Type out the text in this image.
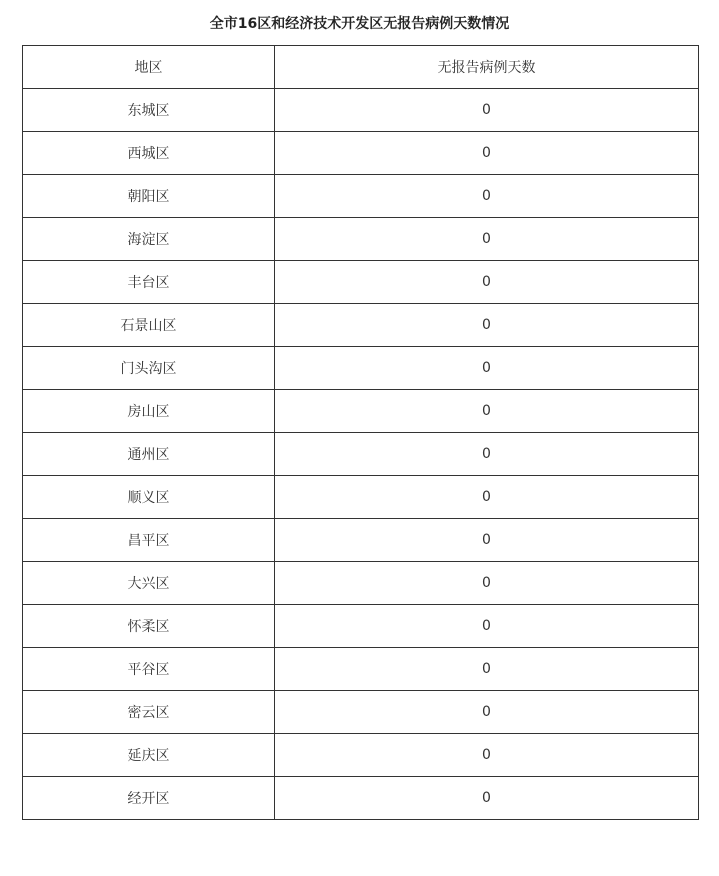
全市16区和经济技术开发区无报告病例天数情况
地区	无报告病例天数
东城区	0
西城区	0
朝阳区	0
海淀区	0
丰台区	0
石景山区	0
门头沟区	0
房山区	0
通州区	0
顺义区	0
昌平区	0
大兴区	0
怀柔区	0
平谷区	0
密云区	0
延庆区	0
经开区	0
